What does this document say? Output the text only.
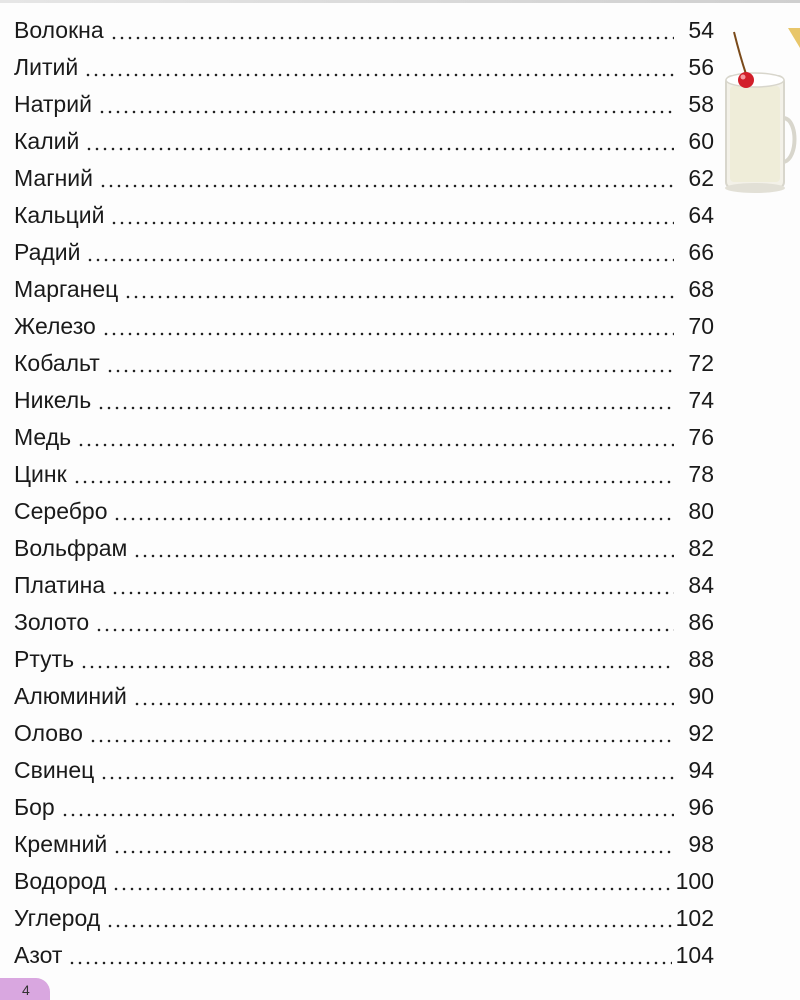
Волокна	54
Литий	56
Натрий	58
Калий	60
Магний	62
Кальций	64
Радий	66
Марганец	68
Железо	70
Кобальт	72
Никель	74
Медь	76
Цинк	78
Серебро	80
Вольфрам	82
Платина	84
Золото	86
Ртуть	88
Алюминий	90
Олово	92
Свинец	94
Бор	96
Кремний	98
Водород	100
Углерод	102
Азот	104
4
